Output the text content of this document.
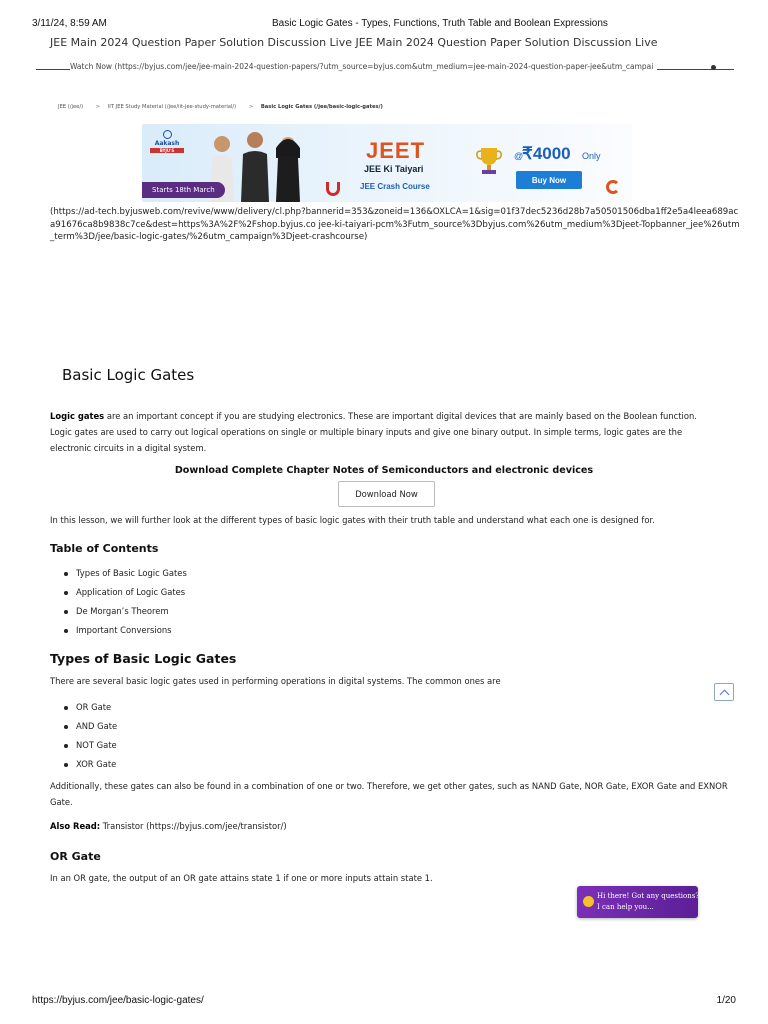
3/11/24, 8:59 AM	Basic Logic Gates - Types, Functions, Truth Table and Boolean Expressions
JEE Main 2024 Question Paper Solution Discussion Live JEE Main 2024 Question Paper Solution Discussion Live
Watch Now (https://byjus.com/jee/jee-main-2024-question-papers/?utm_source=byjus.com&utm_medium=jee-main-2024-question-paper-jee&utm_campai
JEE (/jee/) > IIT JEE Study Material (/jee/iit-jee-study-material/) > Basic Logic Gates (/jee/basic-logic-gates/)
Aakash
BYJU'S
Starts 18th March
JEET
JEE Ki Taiyari
JEE Crash Course
@
₹4000 Only
Buy Now
(https://ad-tech.byjusweb.com/revive/www/delivery/cl.php?bannerid=353&zoneid=136&OXLCA=1&sig=01f37dec5236d28b7a50501506dba1ff2e5a4leea689aca91676ca8b9838c7ce&dest=https%3A%2F%2Fshop.byjus.co jee-ki-taiyari-pcm%3Futm_source%3Dbyjus.com%26utm_medium%3Djeet-Topbanner_jee%26utm_term%3D/jee/basic-logic-gates/%26utm_campaign%3Djeet-crashcourse)
Basic Logic Gates

Logic gates are an important concept if you are studying electronics. These are important digital devices that are mainly based on the Boolean function. Logic gates are used to carry out logical operations on single or multiple binary inputs and give one binary output. In simple terms, logic gates are the electronic circuits in a digital system.

Download Complete Chapter Notes of Semiconductors and electronic devices
Download Now

In this lesson, we will further look at the different types of basic logic gates with their truth table and understand what each one is designed for.

Table of Contents
Types of Basic Logic Gates
Application of Logic Gates
De Morgan’s Theorem
Important Conversions
Types of Basic Logic Gates

There are several basic logic gates used in performing operations in digital systems. The common ones are

OR Gate
AND Gate
NOT Gate
XOR Gate

Additionally, these gates can also be found in a combination of one or two. Therefore, we get other gates, such as NAND Gate, NOR Gate, EXOR Gate and EXNOR Gate.

Also Read: Transistor (https://byjus.com/jee/transistor/)

OR Gate

In an OR gate, the output of an OR gate attains state 1 if one or more inputs attain state 1.

Hi there! Got any questions?
I can help you...
https://byjus.com/jee/basic-logic-gates/	1/20
